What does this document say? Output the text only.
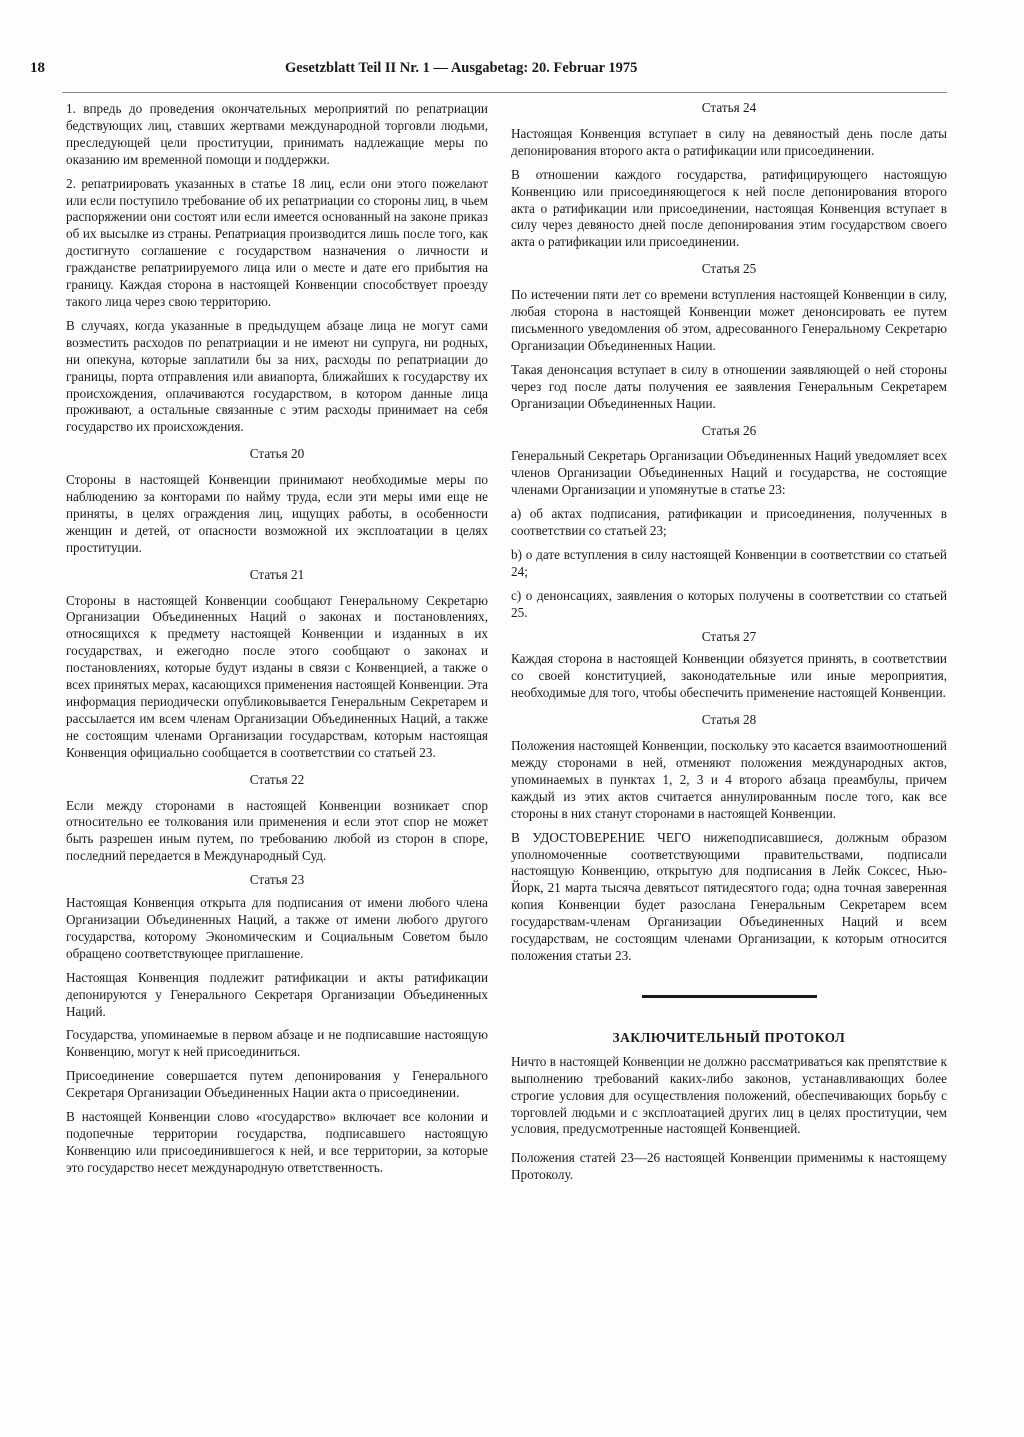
18	Gesetzblatt Teil II Nr. 1 — Ausgabetag: 20. Februar 1975

1. впредь до проведения окончательных мероприятий по репатриации бедствующих лиц, ставших жертвами международной торговли людьми, преследующей цели проституции, принимать надлежащие меры по оказанию им временной помощи и поддержки.

2. репатриировать указанных в статье 18 лиц, если они этого пожелают или если поступило требование об их репатриации со стороны лиц, в чьем распоряжении они состоят или если имеется основанный на законе приказ об их высылке из страны. Репатриация производится лишь после того, как достигнуто соглашение с государством назначения о личности и гражданстве репатриируемого лица или о месте и дате его прибытия на границу. Каждая сторона в настоящей Конвенции способствует проезду такого лица через свою территорию.

В случаях, когда указанные в предыдущем абзаце лица не могут сами возместить расходов по репатриации и не имеют ни супруга, ни родных, ни опекуна, которые заплатили бы за них, расходы по репатриации до границы, порта отправления или авиапорта, ближайших к государству их происхождения, оплачиваются государством, в котором данные лица проживают, а остальные связанные с этим расходы принимает на себя государство их происхождения.

Статья 20

Стороны в настоящей Конвенции принимают необходимые меры по наблюдению за конторами по найму труда, если эти меры ими еще не приняты, в целях ограждения лиц, ищущих работы, в особенности женщин и детей, от опасности возможной их эксплоатации в целях проституции.

Статья 21

Стороны в настоящей Конвенции сообщают Генеральному Секретарю Организации Объединенных Наций о законах и постановлениях, относящихся к предмету настоящей Конвенции и изданных в их государствах, и ежегодно после этого сообщают о законах и постановлениях, которые будут изданы в связи с Конвенцией, а также о всех принятых мерах, касающихся применения настоящей Конвенции. Эта информация периодически опубликовывается Генеральным Секретарем и рассылается им всем членам Организации Объединенных Наций, а также не состоящим членами Организации государствам, которым настоящая Конвенция официально сообщается в соответствии со статьей 23.

Статья 22

Если между сторонами в настоящей Конвенции возникает спор относительно ее толкования или применения и если этот спор не может быть разрешен иным путем, по требованию любой из сторон в споре, последний передается в Международный Суд.

Статья 23

Настоящая Конвенция открыта для подписания от имени любого члена Организации Объединенных Наций, а также от имени любого другого государства, которому Экономическим и Социальным Советом было обращено соответствующее приглашение.

Настоящая Конвенция подлежит ратификации и акты ратификации депонируются у Генерального Секретаря Организации Объединенных Наций.

Государства, упоминаемые в первом абзаце и не подписавшие настоящую Конвенцию, могут к ней присоединиться.

Присоединение совершается путем депонирования у Генерального Секретаря Организации Объединенных Нации акта о присоединении.

В настоящей Конвенции слово «государство» включает все колонии и подопечные территории государства, подписавшего настоящую Конвенцию или присоединившегося к ней, и все территории, за которые это государство несет международную ответственность.

Статья 24

Настоящая Конвенция вступает в силу на девяностый день после даты депонирования второго акта о ратификации или присоединении.

В отношении каждого государства, ратифицирующего настоящую Конвенцию или присоединяющегося к ней после депонирования второго акта о ратификации или присоединении, настоящая Конвенция вступает в силу через девяносто дней после депонирования этим государством своего акта о ратификации или присоединении.

Статья 25

По истечении пяти лет со времени вступления настоящей Конвенции в силу, любая сторона в настоящей Конвенции может денонсировать ее путем письменного уведомления об этом, адресованного Генеральному Секретарю Организации Объединенных Нации.

Такая денонсация вступает в силу в отношении заявляющей о ней стороны через год после даты получения ее заявления Генеральным Секретарем Организации Объединенных Нации.

Статья 26

Генеральный Секретарь Организации Объединенных Наций уведомляет всех членов Организации Объединенных Наций и государства, не состоящие членами Организации и упомянутые в статье 23:

а) об актах подписания, ратификации и присоединения, полученных в соответствии со статьей 23;

b) о дате вступления в силу настоящей Конвенции в соответствии со статьей 24;

с) о денонсациях, заявления о которых получены в соответствии со статьей 25.

Статья 27

Каждая сторона в настоящей Конвенции обязуется принять, в соответствии со своей конституцией, законодательные или иные мероприятия, необходимые для того, чтобы обеспечить применение настоящей Конвенции.

Статья 28

Положения настоящей Конвенции, поскольку это касается взаимоотношений между сторонами в ней, отменяют положения международных актов, упоминаемых в пунктах 1, 2, 3 и 4 второго абзаца преамбулы, причем каждый из этих актов считается аннулированным после того, как все стороны в них станут сторонами в настоящей Конвенции.

В УДОСТОВЕРЕНИЕ ЧЕГО нижеподписавшиеся, должным образом уполномоченные соответствующими правительствами, подписали настоящую Конвенцию, открытую для подписания в Лейк Соксес, Нью-Йорк, 21 марта тысяча девятьсот пятидесятого года; одна точная заверенная копия Конвенции будет разослана Генеральным Секретарем всем государствам-членам Организации Объединенных Наций и всем государствам, не состоящим членами Организации, к которым относится положения статьи 23.

ЗАКЛЮЧИТЕЛЬНЫЙ ПРОТОКОЛ

Ничто в настоящей Конвенции не должно рассматриваться как препятствие к выполнению требований каких-либо законов, устанавливающих более строгие условия для осуществления положений, обеспечивающих борьбу с торговлей людьми и с эксплоатацией других лиц в целях проституции, чем условия, предусмотренные настоящей Конвенцией.

Положения статей 23—26 настоящей Конвенции применимы к настоящему Протоколу.
